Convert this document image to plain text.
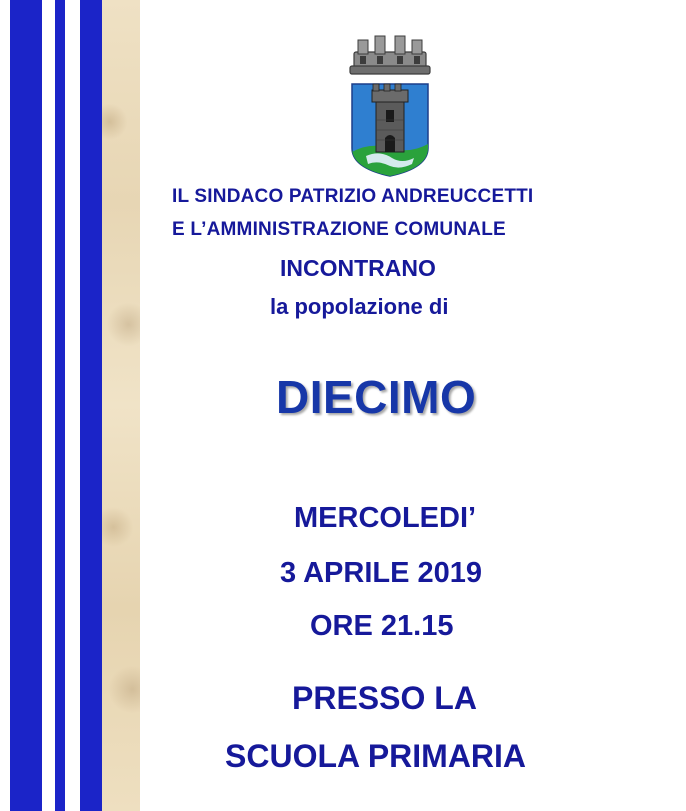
IL SINDACO PATRIZIO ANDREUCCETTI

E L’AMMINISTRAZIONE COMUNALE

INCONTRANO

la popolazione di

DIECIMO

MERCOLEDI’

3 APRILE 2019

ORE 21.15

PRESSO LA

SCUOLA PRIMARIA
